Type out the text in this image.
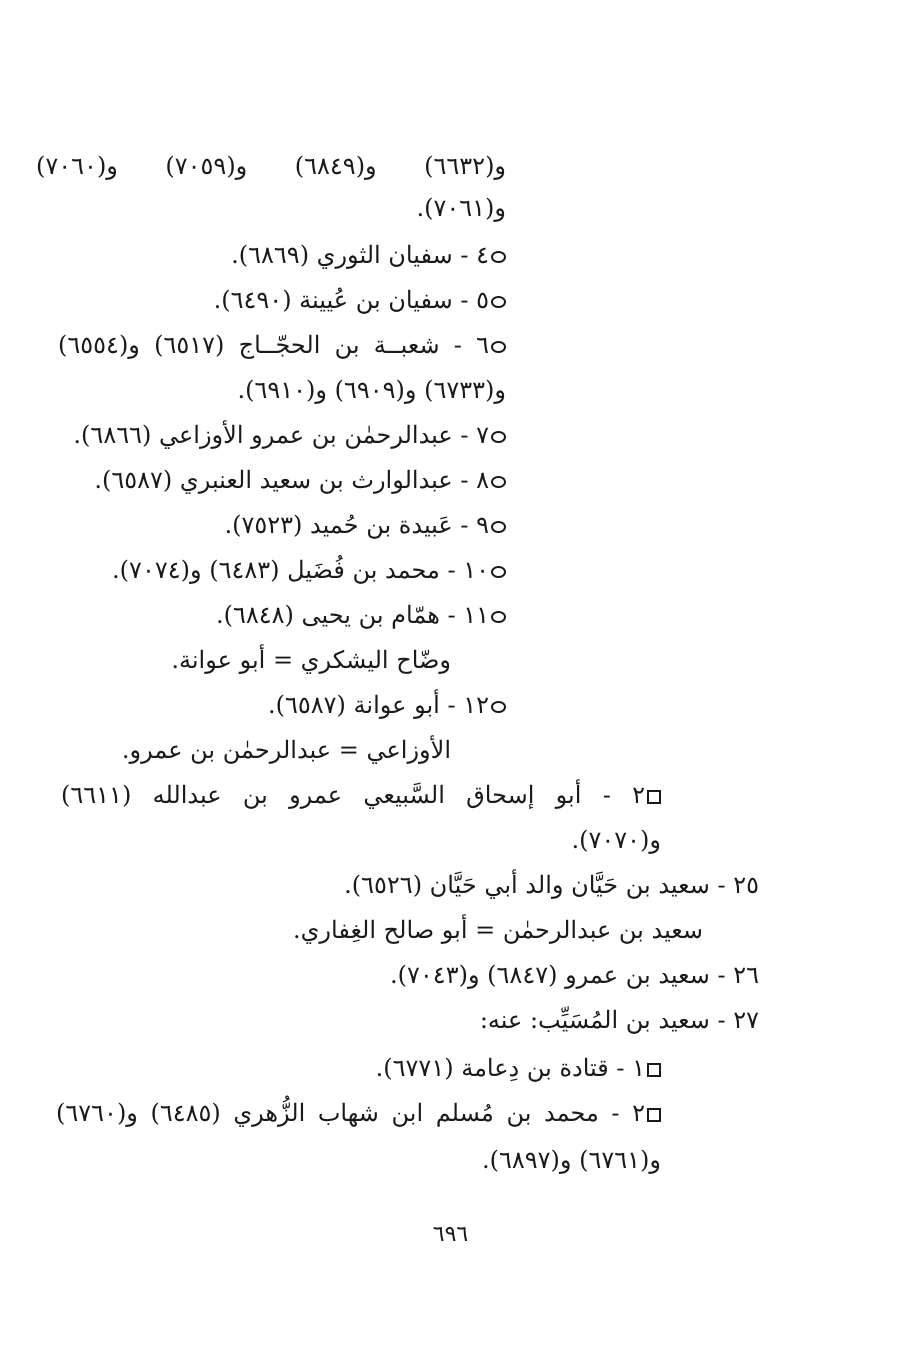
و(٦٦٣٢) و(٦٨٤٩) و(٧٠٥٩) و(٧٠٦٠)
و(٧٠٦١).
٤ - سفيان الثوري (٦٨٦٩).
٥ - سفيان بن عُيينة (٦٤٩٠).
٦ - شعبــة بن الحجّــاج (٦٥١٧) و(٦٥٥٤)
و(٦٧٣٣) و(٦٩٠٩) و(٦٩١٠).
٧ - عبدالرحمٰن بن عمرو الأوزاعي (٦٨٦٦).
٨ - عبدالوارث بن سعيد العنبري (٦٥٨٧).
٩ - عَبيدة بن حُميد (٧٥٢٣).
١٠ - محمد بن فُضَيل (٦٤٨٣) و(٧٠٧٤).
١١ - همّام بن يحيى (٦٨٤٨).
وضّاح اليشكري = أبو عوانة.
١٢ - أبو عوانة (٦٥٨٧).
الأوزاعي = عبدالرحمٰن بن عمرو.
٢ - أبو إسحاق السَّبيعي عمرو بن عبدالله (٦٦١١)
و(٧٠٧٠).
٢٥ - سعيد بن حَيَّان والد أبي حَيَّان (٦٥٢٦).
سعيد بن عبدالرحمٰن = أبو صالح الغِفاري.
٢٦ - سعيد بن عمرو (٦٨٤٧) و(٧٠٤٣).
٢٧ - سعيد بن المُسَيِّب: عنه:
١ - قتادة بن دِعامة (٦٧٧١).
٢ - محمد بن مُسلم ابن شهاب الزُّهري (٦٤٨٥) و(٦٧٦٠)
و(٦٧٦١) و(٦٨٩٧).
٦٩٦
